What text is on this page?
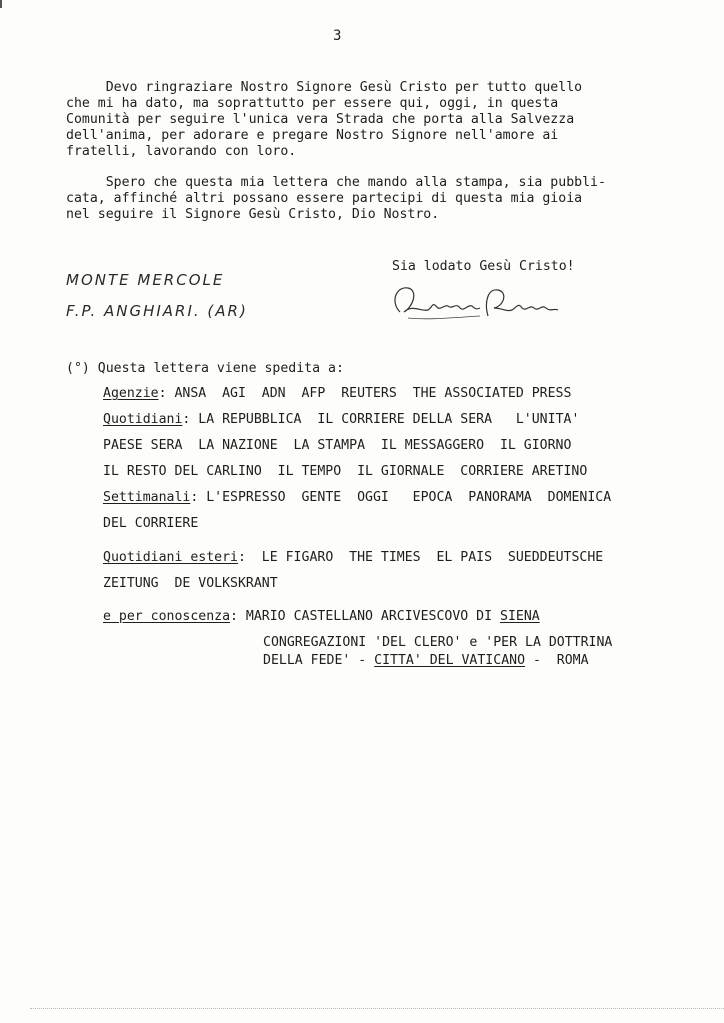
3
Devo ringraziare Nostro Signore Gesù Cristo per tutto quello
che mi ha dato, ma soprattutto per essere qui, oggi, in questa
Comunità per seguire l'unica vera Strada che porta alla Salvezza
dell'anima, per adorare e pregare Nostro Signore nell'amore ai
fratelli, lavorando con loro.
Spero che questa mia lettera che mando alla stampa, sia pubbli-
cata, affinché altri possano essere partecipi di questa mia gioia
nel seguire il Signore Gesù Cristo, Dio Nostro.
Sia lodato Gesù Cristo!
MONTE MERCOLE
F.P. ANGHIARI. (AR)
(°) Questa lettera viene spedita a:
Agenzie: ANSA  AGI  ADN  AFP  REUTERS  THE ASSOCIATED PRESS
Quotidiani: LA REPUBBLICA  IL CORRIERE DELLA SERA   L'UNITA'
PAESE SERA  LA NAZIONE  LA STAMPA  IL MESSAGGERO  IL GIORNO
IL RESTO DEL CARLINO  IL TEMPO  IL GIORNALE  CORRIERE ARETINO
Settimanali: L'ESPRESSO  GENTE  OGGI   EPOCA  PANORAMA  DOMENICA
DEL CORRIERE
Quotidiani esteri:  LE FIGARO  THE TIMES  EL PAIS  SUEDDEUTSCHE
ZEITUNG  DE VOLKSKRANT
e per conoscenza: MARIO CASTELLANO ARCIVESCOVO DI SIENA
CONGREGAZIONI 'DEL CLERO' e 'PER LA DOTTRINA
DELLA FEDE' - CITTA' DEL VATICANO -  ROMA
